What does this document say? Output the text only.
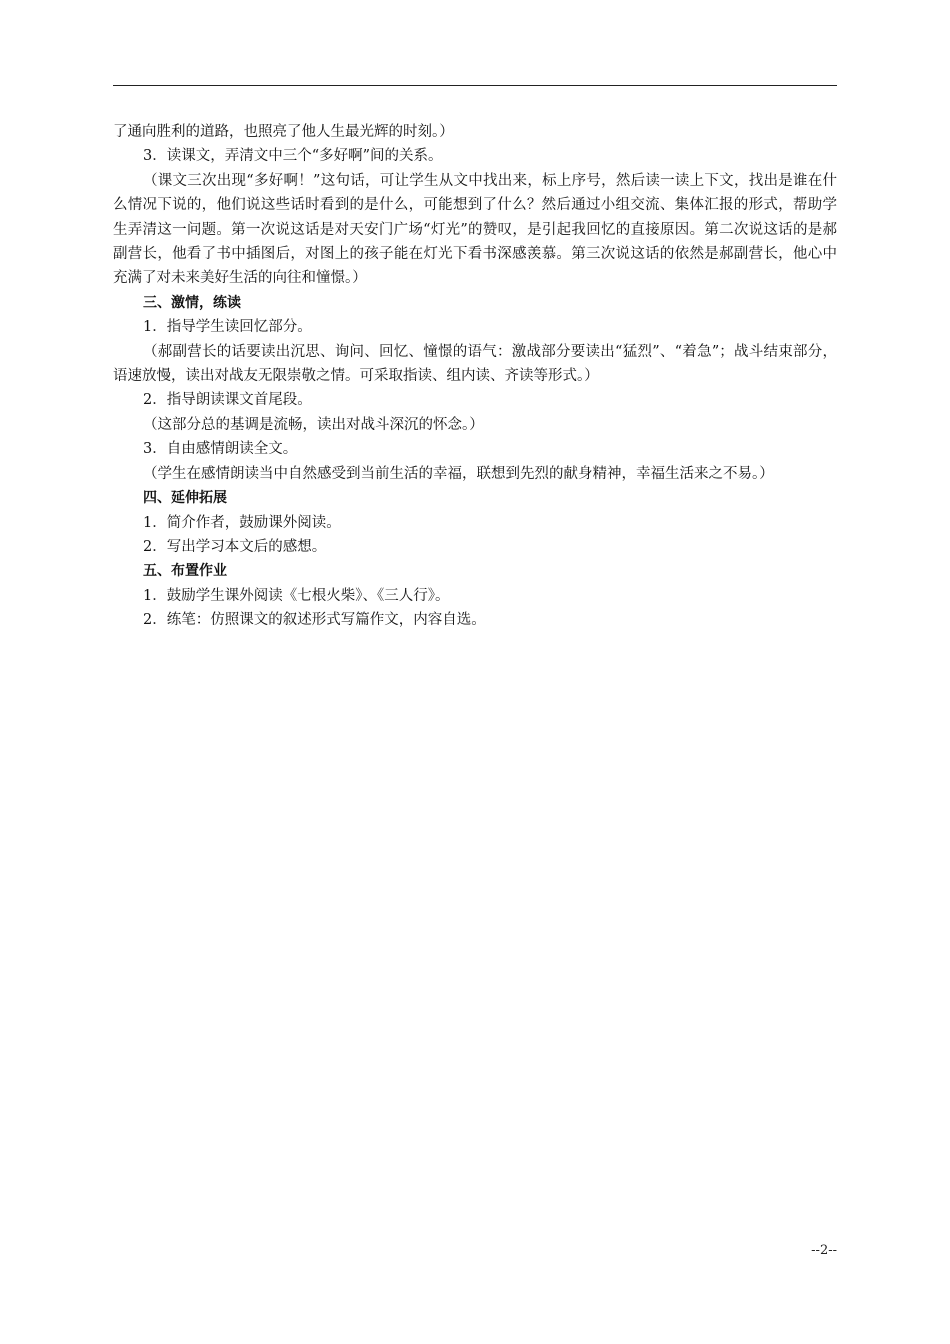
了通向胜利的道路，也照亮了他人生最光辉的时刻。）

3．读课文，弄清文中三个“多好啊”间的关系。

（课文三次出现“多好啊！”这句话，可让学生从文中找出来，标上序号，然后读一读上下文，找出是谁在什么情况下说的，他们说这些话时看到的是什么，可能想到了什么？然后通过小组交流、集体汇报的形式，帮助学生弄清这一问题。第一次说这话是对天安门广场“灯光”的赞叹，是引起我回忆的直接原因。第二次说这话的是郝副营长，他看了书中插图后，对图上的孩子能在灯光下看书深感羡慕。第三次说这话的依然是郝副营长，他心中充满了对未来美好生活的向往和憧憬。）

三、激情，练读

1．指导学生读回忆部分。

（郝副营长的话要读出沉思、询问、回忆、憧憬的语气：激战部分要读出“猛烈”、“着急”；战斗结束部分，语速放慢，读出对战友无限崇敬之情。可采取指读、组内读、齐读等形式。）

2．指导朗读课文首尾段。

（这部分总的基调是流畅，读出对战斗深沉的怀念。）

3．自由感情朗读全文。

（学生在感情朗读当中自然感受到当前生活的幸福，联想到先烈的献身精神，幸福生活来之不易。）

四、延伸拓展

1．简介作者，鼓励课外阅读。

2．写出学习本文后的感想。

五、布置作业

1．鼓励学生课外阅读《七根火柴》、《三人行》。

2．练笔：仿照课文的叙述形式写篇作文，内容自选。

--2--
